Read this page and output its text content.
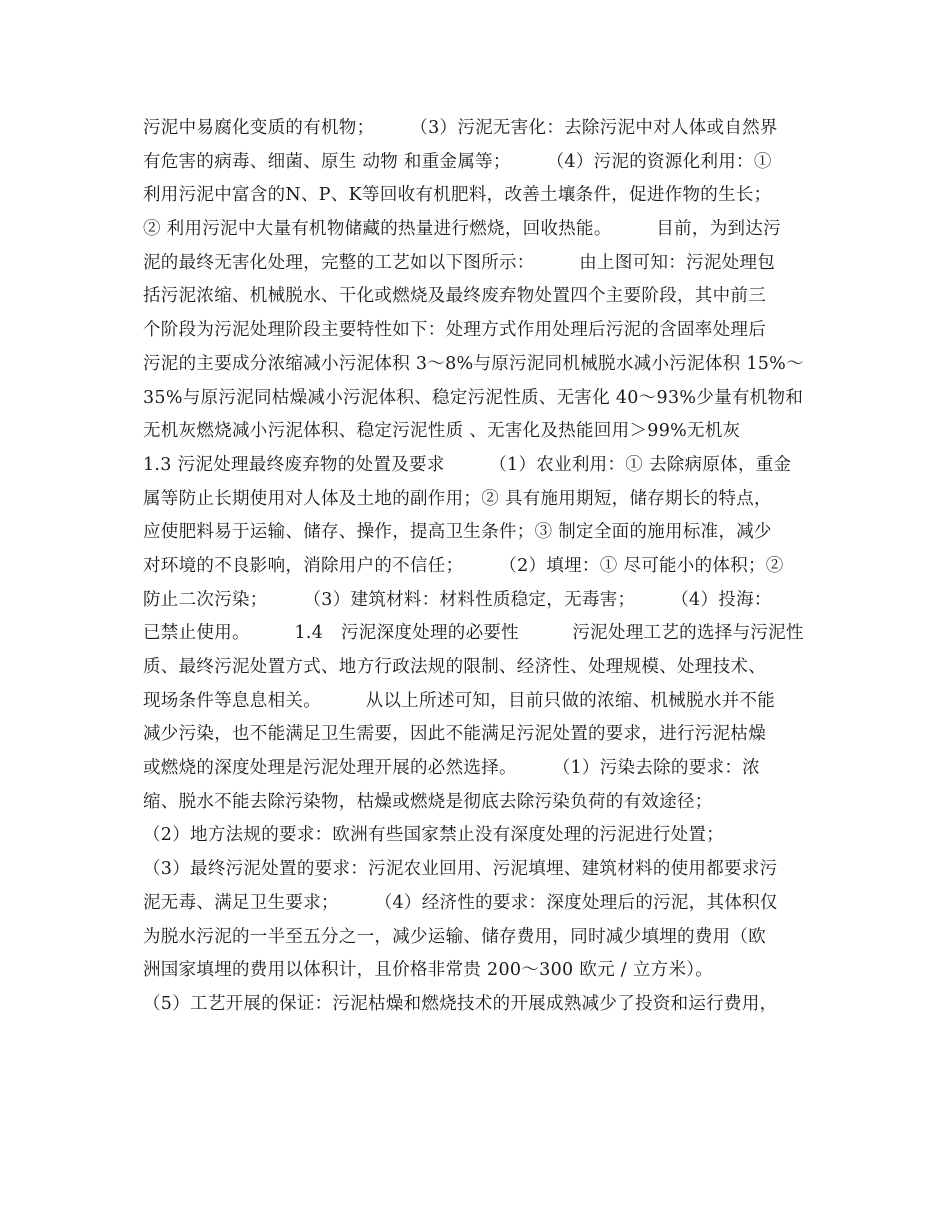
污泥中易腐化变质的有机物；　　　（3）污泥无害化：去除污泥中对人体或自然界
有危害的病毒、细菌、原生 动物 和重金属等；　　　（4）污泥的资源化利用：①
利用污泥中富含的N、P、K等回收有机肥料，改善土壤条件，促进作物的生长；
② 利用污泥中大量有机物储藏的热量进行燃烧，回收热能。　　　目前，为到达污
泥的最终无害化处理，完整的工艺如以下图所示：　　　由上图可知：污泥处理包
括污泥浓缩、机械脱水、干化或燃烧及最终废弃物处置四个主要阶段，其中前三
个阶段为污泥处理阶段主要特性如下：处理方式作用处理后污泥的含固率处理后
污泥的主要成分浓缩减小污泥体积 3～8%与原污泥同机械脱水减小污泥体积 15%～
35%与原污泥同枯燥减小污泥体积、稳定污泥性质、无害化 40～93%少量有机物和
无机灰燃烧减小污泥体积、稳定污泥性质 、无害化及热能回用＞99%无机灰
1.3 污泥处理最终废弃物的处置及要求　　　（1）农业利用：① 去除病原体，重金
属等防止长期使用对人体及土地的副作用；② 具有施用期短，储存期长的特点，
应使肥料易于运输、储存、操作，提高卫生条件；③ 制定全面的施用标准，减少
对环境的不良影响，消除用户的不信任；　　　（2）填埋：① 尽可能小的体积；②
防止二次污染；　　　（3）建筑材料：材料性质稳定，无毒害；　　　（4）投海：
已禁止使用。　　　1.4　污泥深度处理的必要性　　　污泥处理工艺的选择与污泥性
质、最终污泥处置方式、地方行政法规的限制、经济性、处理规模、处理技术、
现场条件等息息相关。　　　从以上所述可知，目前只做的浓缩、机械脱水并不能
减少污染，也不能满足卫生需要，因此不能满足污泥处置的要求，进行污泥枯燥
或燃烧的深度处理是污泥处理开展的必然选择。　　　（1）污染去除的要求：浓
缩、脱水不能去除污染物，枯燥或燃烧是彻底去除污染负荷的有效途径；
（2）地方法规的要求：欧洲有些国家禁止没有深度处理的污泥进行处置；
（3）最终污泥处置的要求：污泥农业回用、污泥填埋、建筑材料的使用都要求污
泥无毒、满足卫生要求；　　　（4）经济性的要求：深度处理后的污泥，其体积仅
为脱水污泥的一半至五分之一，减少运输、储存费用，同时减少填埋的费用（欧
洲国家填埋的费用以体积计，且价格非常贵 200～300 欧元 / 立方米）。
（5）工艺开展的保证：污泥枯燥和燃烧技术的开展成熟减少了投资和运行费用，
